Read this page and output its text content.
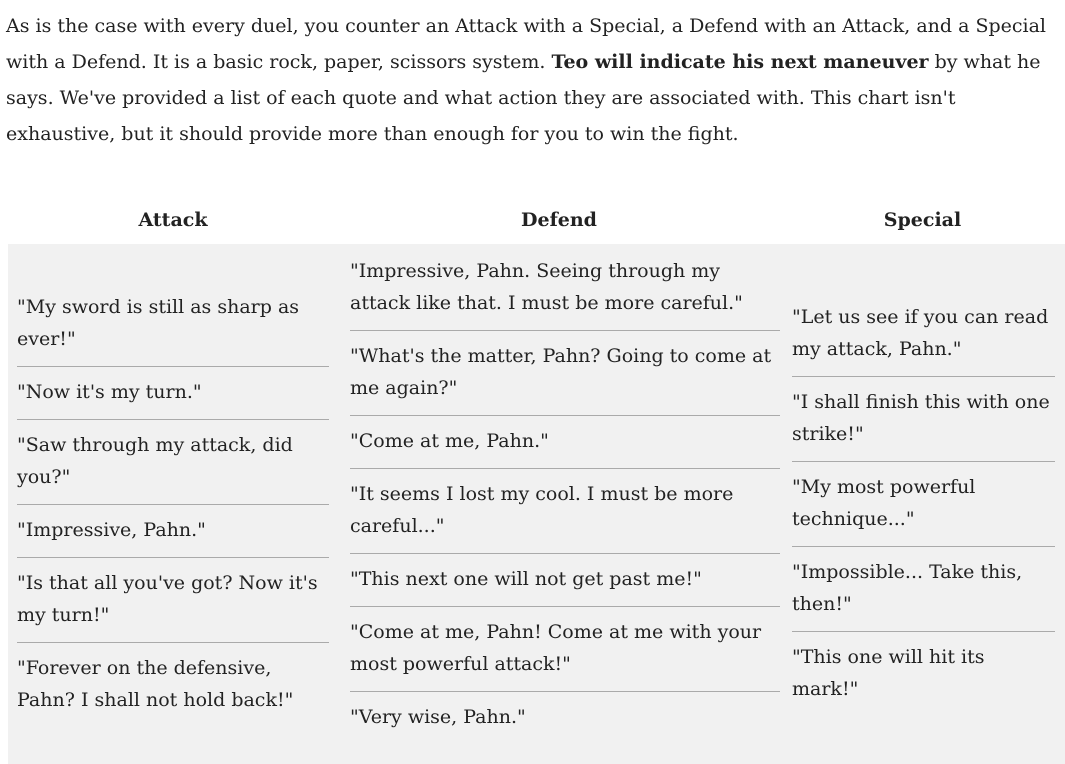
As is the case with every duel, you counter an Attack with a Special, a Defend with an Attack, and a Special with a Defend. It is a basic rock, paper, scissors system. Teo will indicate his next maneuver by what he says. We've provided a list of each quote and what action they are associated with. This chart isn't exhaustive, but it should provide more than enough for you to win the fight.

Attack	Defend	Special
"My sword is still as sharp as ever!"
"Now it's my turn."
"Saw through my attack, did you?"
"Impressive, Pahn."
"Is that all you've got? Now it's my turn!"
"Forever on the defensive, Pahn? I shall not hold back!"
"Impressive, Pahn. Seeing through my attack like that. I must be more careful."
"What's the matter, Pahn? Going to come at me again?"
"Come at me, Pahn."
"It seems I lost my cool. I must be more careful..."
"This next one will not get past me!"
"Come at me, Pahn! Come at me with your most powerful attack!"
"Very wise, Pahn."
"Let us see if you can read my attack, Pahn."
"I shall finish this with one strike!"
"My most powerful technique..."
"Impossible... Take this, then!"
"This one will hit its mark!"
